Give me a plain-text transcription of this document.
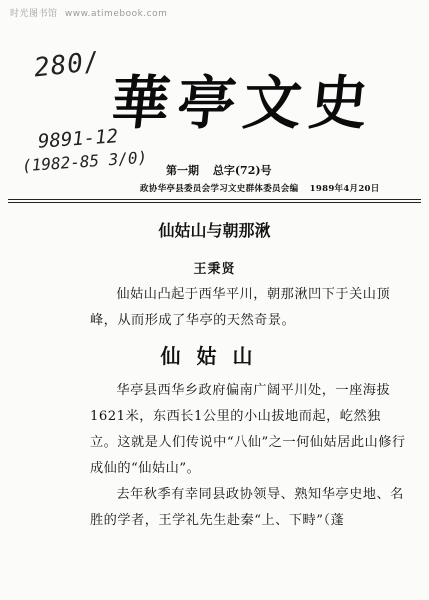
时光图书馆 www.atimebook.com
280/
9891-12
(1982-85 3/0)
華亭文史
第一期 总字(72)号
政协华亭县委员会学习文史群体委员会编 1989年4月20日
仙姑山与朝那湫
王秉贤
仙姑山凸起于西华平川，朝那湫凹下于关山顶峰，从而形成了华亭的天然奇景。
仙姑山
华亭县西华乡政府偏南广阔平川处，一座海拔1621米，东西长1公里的小山拔地而起，屹然独立。这就是人们传说中“八仙”之一何仙姑居此山修行成仙的“仙姑山”。
去年秋季有幸同县政协领导、熟知华亭史地、名胜的学者，王学礼先生赴秦“上、下畤”（蓬
